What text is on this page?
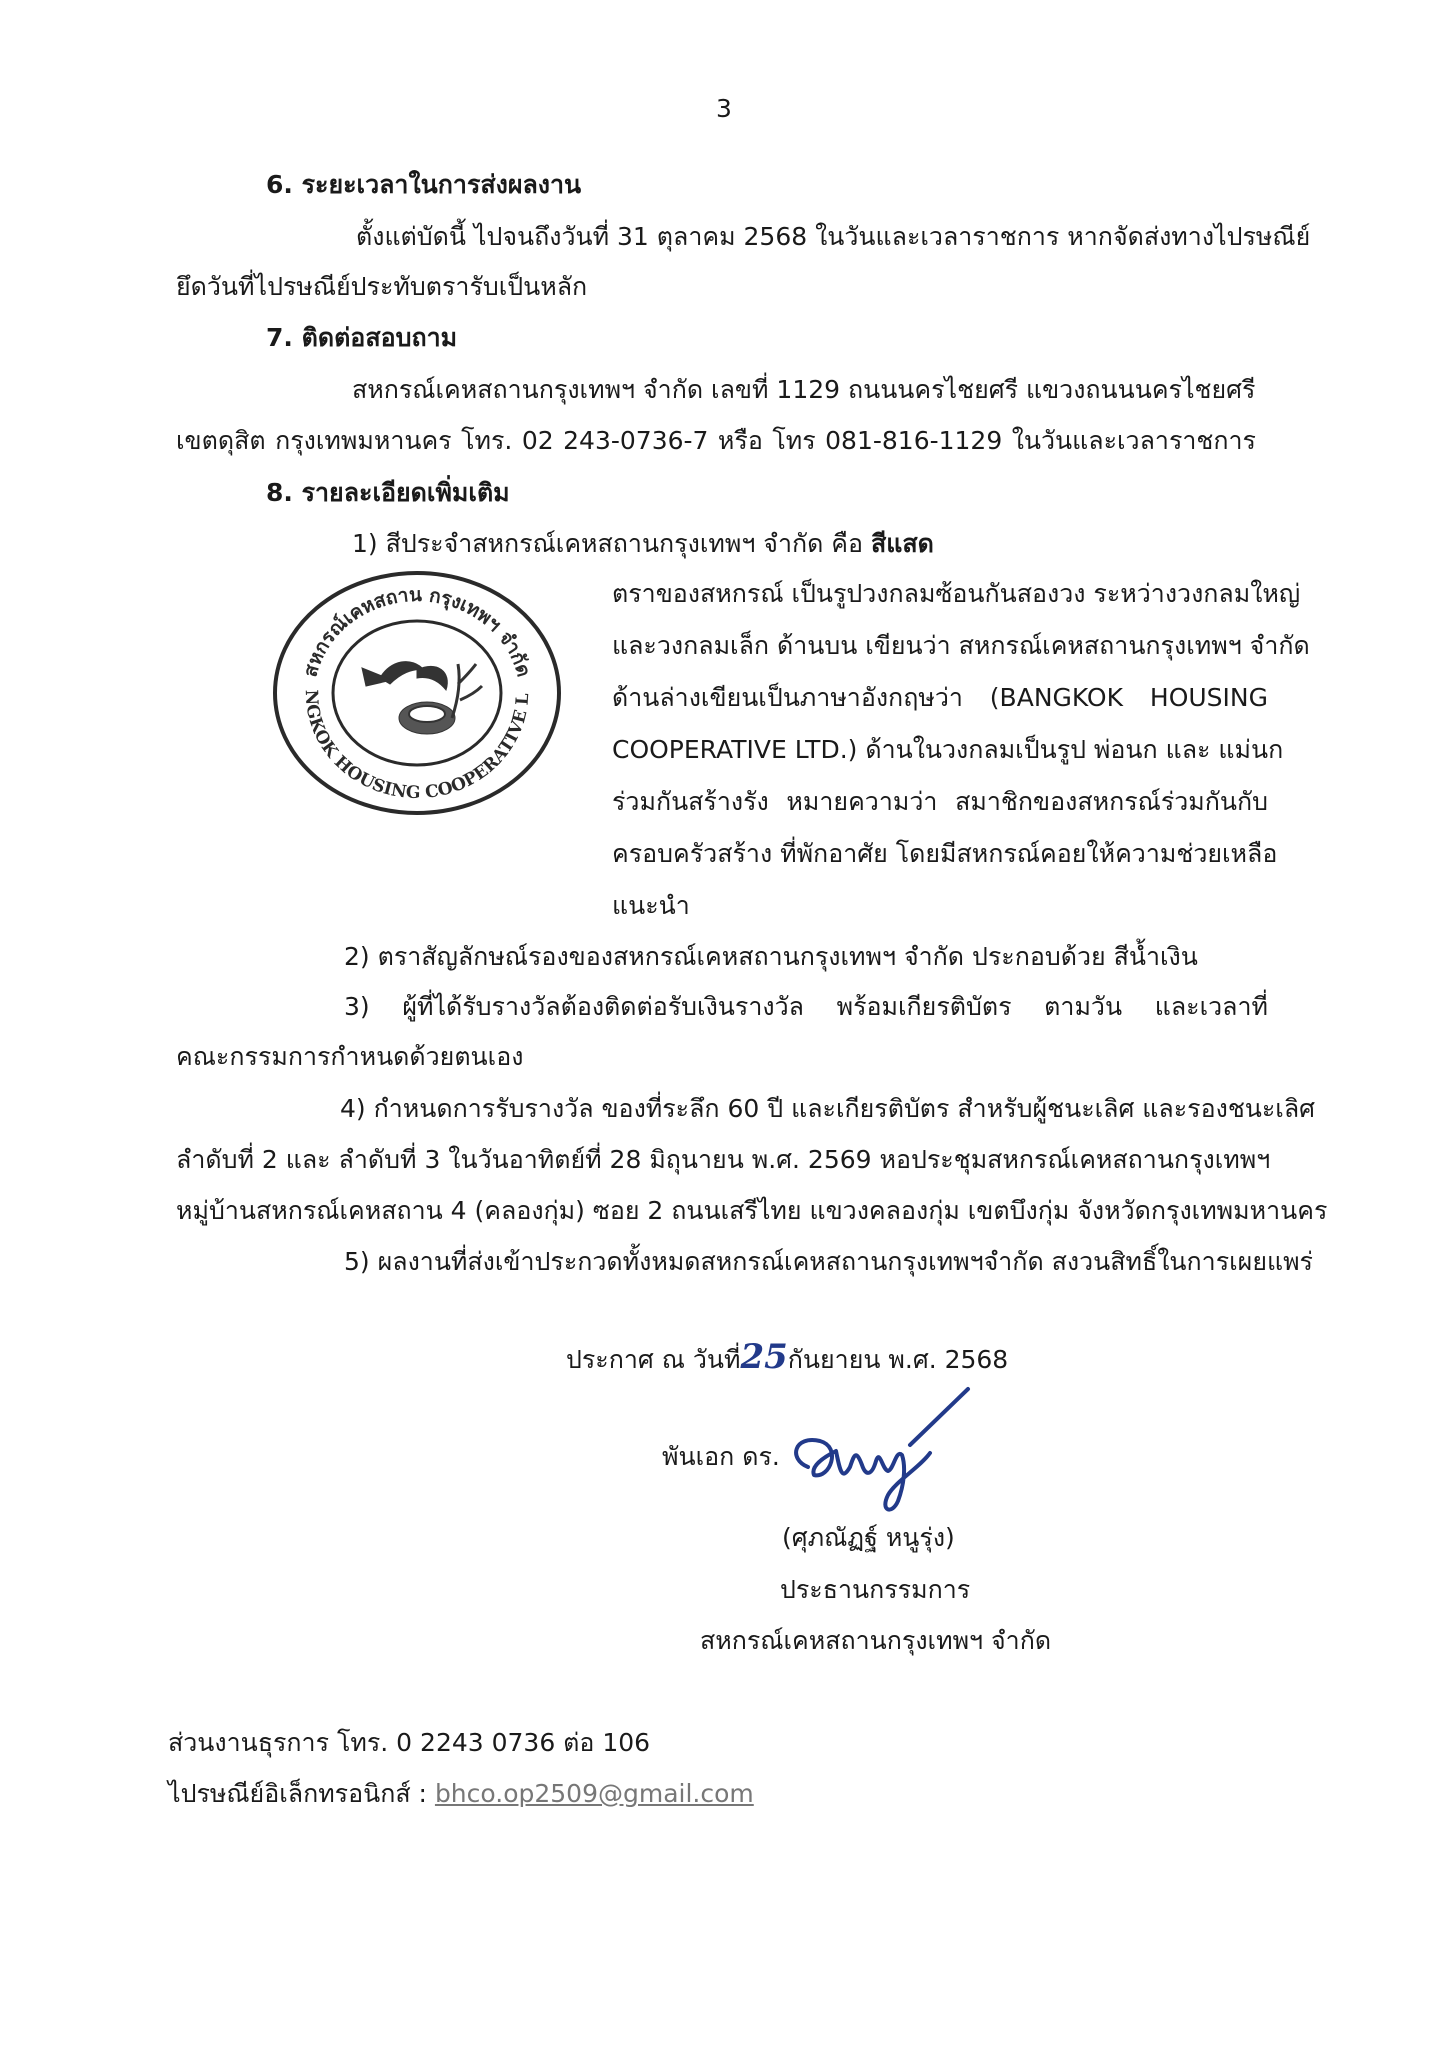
3
6. ระยะเวลาในการส่งผลงาน
ตั้งแต่บัดนี้ ไปจนถึงวันที่ 31 ตุลาคม 2568 ในวันและเวลาราชการ หากจัดส่งทางไปรษณีย์
ยึดวันที่ไปรษณีย์ประทับตรารับเป็นหลัก
7. ติดต่อสอบถาม
สหกรณ์เคหสถานกรุงเทพฯ จำกัด เลขที่ 1129 ถนนนครไชยศรี แขวงถนนนครไชยศรี
เขตดุสิต กรุงเทพมหานคร โทร. 02 243-0736-7 หรือ โทร 081-816-1129 ในวันและเวลาราชการ
8. รายละเอียดเพิ่มเติม
1) สีประจำสหกรณ์เคหสถานกรุงเทพฯ จำกัด คือ สีแสด
สหกรณ์เคหสถาน กรุงเทพฯ จำกัด
NGKOK HOUSING COOPERATIVE L
ตราของสหกรณ์ เป็นรูปวงกลมซ้อนกันสองวง ระหว่างวงกลมใหญ่
และวงกลมเล็ก ด้านบน เขียนว่า สหกรณ์เคหสถานกรุงเทพฯ จำกัด
ด้านล่างเขียนเป็นภาษาอังกฤษว่า (BANGKOK HOUSING
COOPERATIVE LTD.) ด้านในวงกลมเป็นรูป พ่อนก และ แม่นก
ร่วมกันสร้างรัง หมายความว่า สมาชิกของสหกรณ์ร่วมกันกับ
ครอบครัวสร้าง ที่พักอาศัย โดยมีสหกรณ์คอยให้ความช่วยเหลือ
แนะนำ
2) ตราสัญลักษณ์รองของสหกรณ์เคหสถานกรุงเทพฯ จำกัด ประกอบด้วย สีน้ำเงิน
3) ผู้ที่ได้รับรางวัลต้องติดต่อรับเงินรางวัล พร้อมเกียรติบัตร ตามวัน และเวลาที่
คณะกรรมการกำหนดด้วยตนเอง
4) กำหนดการรับรางวัล ของที่ระลึก 60 ปี และเกียรติบัตร สำหรับผู้ชนะเลิศ และรองชนะเลิศ
ลำดับที่ 2 และ ลำดับที่ 3 ในวันอาทิตย์ที่ 28 มิถุนายน พ.ศ. 2569 หอประชุมสหกรณ์เคหสถานกรุงเทพฯ
หมู่บ้านสหกรณ์เคหสถาน 4 (คลองกุ่ม) ซอย 2 ถนนเสรีไทย แขวงคลองกุ่ม เขตบึงกุ่ม จังหวัดกรุงเทพมหานคร
5) ผลงานที่ส่งเข้าประกวดทั้งหมดสหกรณ์เคหสถานกรุงเทพฯจำกัด สงวนสิทธิ์ในการเผยแพร่
ประกาศ ณ วันที่25กันยายน พ.ศ. 2568
พันเอก ดร.
(ศุภณัฏฐ์ หนูรุ่ง)
ประธานกรรมการ
สหกรณ์เคหสถานกรุงเทพฯ จำกัด
ส่วนงานธุรการ โทร. 0 2243 0736 ต่อ 106
ไปรษณีย์อิเล็กทรอนิกส์ : bhco.op2509@gmail.com
